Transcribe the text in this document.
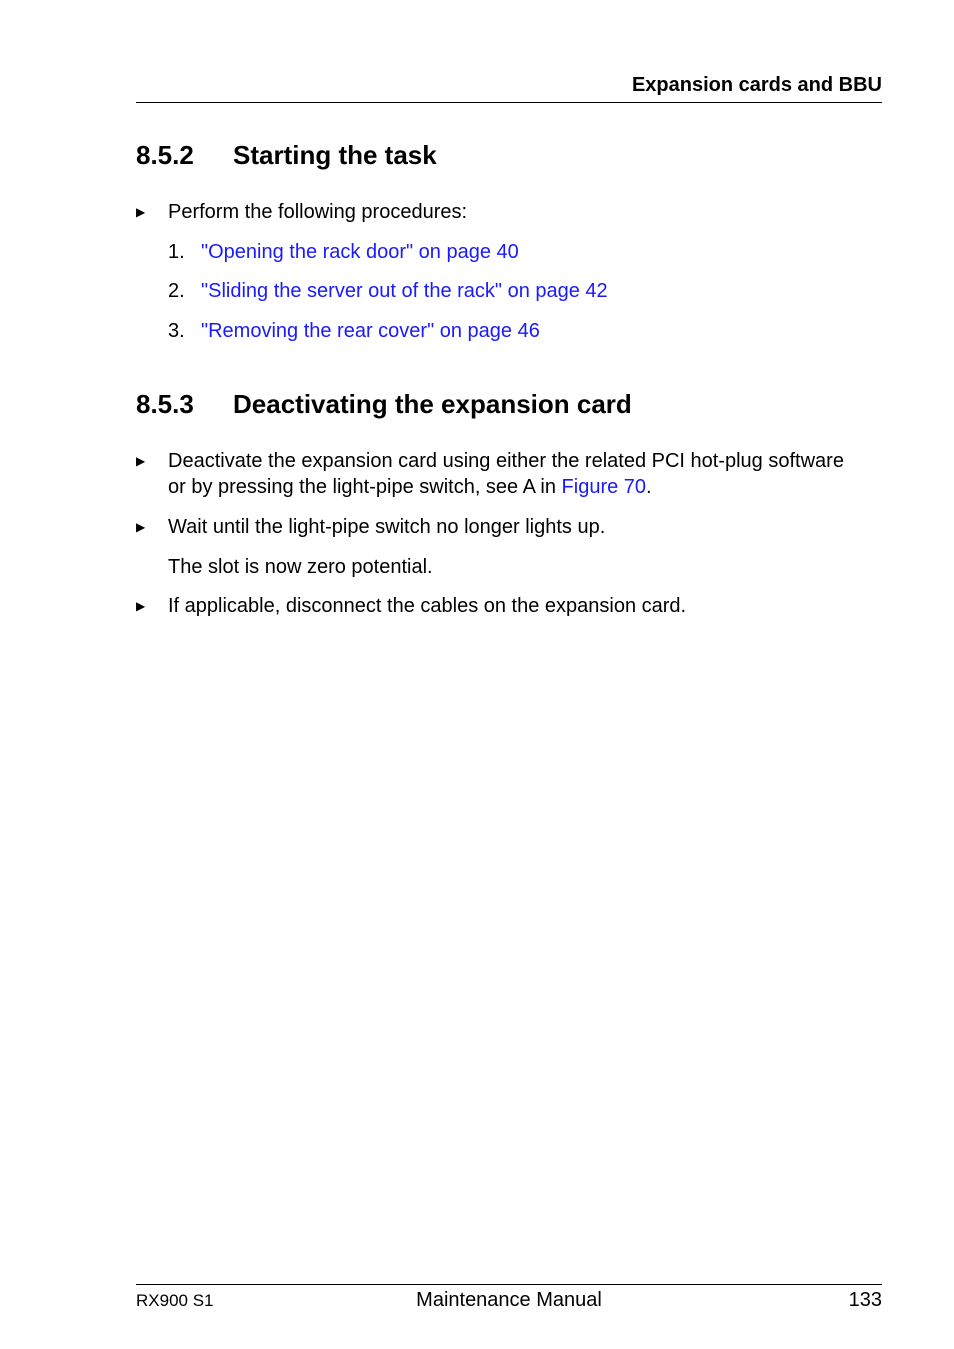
Expansion cards and BBU
8.5.2 Starting the task
▶ Perform the following procedures:
1. "Opening the rack door" on page 40
2. "Sliding the server out of the rack" on page 42
3. "Removing the rear cover" on page 46
8.5.3 Deactivating the expansion card
▶ Deactivate the expansion card using either the related PCI hot-plug software
or by pressing the light-pipe switch, see A in Figure 70.
▶ Wait until the light-pipe switch no longer lights up.
The slot is now zero potential.
▶ If applicable, disconnect the cables on the expansion card.
RX900 S1	Maintenance Manual	133
